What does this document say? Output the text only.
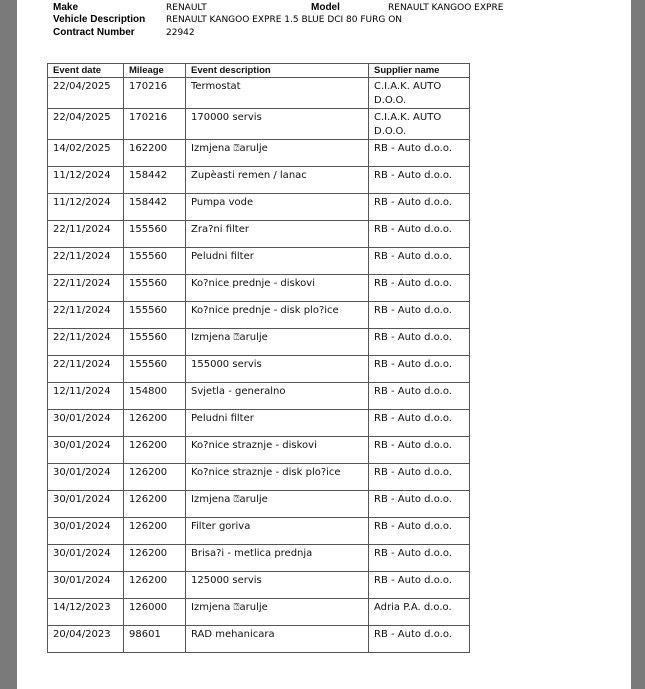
Make	RENAULT	Model	RENAULT KANGOO EXPRE
Vehicle Description RENAULT KANGOO EXPRE 1.5 BLUE DCI 80 FURG ON
Contract Number	22942
Event date	Mileage	Event description	Supplier name
22/04/2025	170216	Termostat	C.I.A.K. AUTO D.O.O.
22/04/2025	170216	170000 servis	C.I.A.K. AUTO D.O.O.
14/02/2025	162200	Izmjena ⍰arulje	RB - Auto d.o.o.
11/12/2024	158442	Zupèasti remen / lanac	RB - Auto d.o.o.
11/12/2024	158442	Pumpa vode	RB - Auto d.o.o.
22/11/2024	155560	Zra?ni filter	RB - Auto d.o.o.
22/11/2024	155560	Peludni filter	RB - Auto d.o.o.
22/11/2024	155560	Ko?nice prednje - diskovi	RB - Auto d.o.o.
22/11/2024	155560	Ko?nice prednje - disk plo?ice	RB - Auto d.o.o.
22/11/2024	155560	Izmjena ⍰arulje	RB - Auto d.o.o.
22/11/2024	155560	155000 servis	RB - Auto d.o.o.
12/11/2024	154800	Svjetla - generalno	RB - Auto d.o.o.
30/01/2024	126200	Peludni filter	RB - Auto d.o.o.
30/01/2024	126200	Ko?nice straznje - diskovi	RB - Auto d.o.o.
30/01/2024	126200	Ko?nice straznje - disk plo?ice	RB - Auto d.o.o.
30/01/2024	126200	Izmjena ⍰arulje	RB - Auto d.o.o.
30/01/2024	126200	Filter goriva	RB - Auto d.o.o.
30/01/2024	126200	Brisa?i - metlica prednja	RB - Auto d.o.o.
30/01/2024	126200	125000 servis	RB - Auto d.o.o.
14/12/2023	126000	Izmjena ⍰arulje	Adria P.A. d.o.o.
20/04/2023	98601	RAD mehanicara	RB - Auto d.o.o.
